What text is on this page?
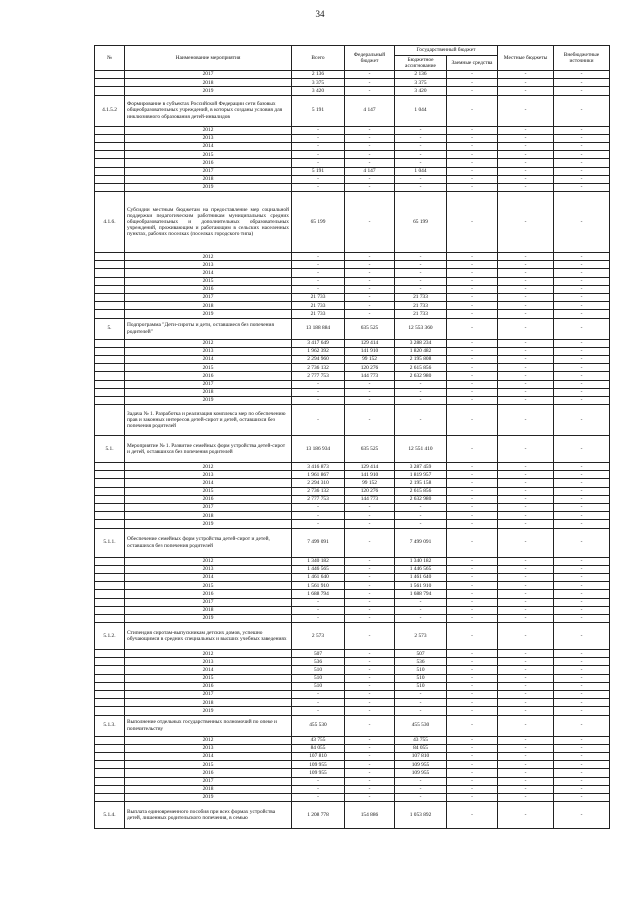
34
№	Наименование мероприятия	Всего	Федеральный бюджет	Государственный бюджет		Местные бюджеты	Внебюджетные источники
				Бюджетное ассигнование	Заемные средства		
	2017	2 136	-	2 136	-	-	-
	2018	3 375	-	3 375	-	-	-
	2019	3 420	-	3 420	-	-	-
4.1.5.2	Формирование в субъектах Российской Федерации сети базовых общеобразовательных учреждений, в которых созданы условия для инклюзивного образования детей-инвалидов	5 191	4 147	1 044	-	-	-
	2012	-	-	-	-	-	-
	2013	-	-	-	-	-	-
	2014	-	-	-	-	-	-
	2015	-	-	-	-	-	-
	2016	-	-	-	-	-	-
	2017	5 191	4 147	1 044	-	-	-
	2018	-	-	-	-	-	-
	2019	-	-	-	-	-	-
4.1.6.	Субсидии местным бюджетам на предоставление мер социальной поддержки педагогическим работникам муниципальных средних общеобразовательных и дополнительных образовательных учреждений, проживающим и работающим в сельских населенных пунктах, рабочих поселках (поселках городского типа)	65 199	-	65 199	-	-	-
	2012	-	-	-	-	-	-
	2013	-	-	-	-	-	-
	2014	-	-	-	-	-	-
	2015	-	-	-	-	-	-
	2016	-	-	-	-	-	-
	2017	21 733	-	21 733	-	-	-
	2018	21 733	-	21 733	-	-	-
	2019	21 733	-	21 733	-	-	-
5.	Подпрограмма "Дети-сироты и дети, оставшиеся без попечения родителей"	13 188 884	635 525	12 553 360	-	-	-
	2012	3 417 649	129 414	3 288 234	-	-	-
	2013	1 962 392	141 910	1 820 482	-	-	-
	2014	2 294 960	99 152	2 195 808	-	-	-
	2015	2 736 132	120 276	2 615 856	-	-	-
	2016	2 777 753	144 773	2 632 980	-	-	-
	2017	-	-	-	-	-	-
	2018	-	-	-	-	-	-
	2019	-	-	-	-	-	-
	Задача № 1. Разработка и реализация комплекса мер по обеспечению прав и законных интересов детей-сирот и детей, оставшихся без попечения родителей	-	-	-	-	-	-
5.1.	Мероприятие № 1. Развитие семейных форм устройства детей-сирот и детей, оставшихся без попечения родителей	13 186 934	635 525	12 551 410	-	-	-
	2012	3 416 873	129 414	3 287 459	-	-	-
	2013	1 961 867	141 910	1 819 957	-	-	-
	2014	2 294 310	99 152	2 195 158	-	-	-
	2015	2 736 132	120 276	2 615 856	-	-	-
	2016	2 777 753	144 773	2 632 980	-	-	-
	2017	-	-	-	-	-	-
	2018	-	-	-	-	-	-
	2019	-	-	-	-	-	-
5.1.1.	Обеспечение семейных форм устройства детей-сирот и детей, оставшихся без попечения родителей	7 499 091	-	7 499 091	-	-	-
	2012	1 340 182	-	1 340 182	-	-	-
	2013	1 446 565	-	1 446 565	-	-	-
	2014	1 461 640	-	1 461 640	-	-	-
	2015	1 561 910	-	1 561 910	-	-	-
	2016	1 688 794	-	1 688 794	-	-	-
	2017	-	-	-	-	-	-
	2018	-	-	-	-	-	-
	2019	-	-	-	-	-	-
5.1.2.	Стипендия сиротам-выпускникам детских домов, успешно обучающимся в средних специальных и высших учебных заведениях	2 573	-	2 573	-	-	-
	2012	507	-	507	-	-	-
	2013	536	-	536	-	-	-
	2014	510	-	510	-	-	-
	2015	510	-	510	-	-	-
	2016	510	-	510	-	-	-
	2017	-	-	-	-	-	-
	2018	-	-	-	-	-	-
	2019	-	-	-	-	-	-
5.1.3.	Выполнение отдельных государственных полномочий по опеке и попечительству	455 530	-	455 530	-	-	-
	2012	43 755	-	43 755	-	-	-
	2013	84 055	-	84 055	-	-	-
	2014	107 810	-	107 810	-	-	-
	2015	109 955	-	109 955	-	-	-
	2016	109 955	-	109 955	-	-	-
	2017	-	-	-	-	-	-
	2018	-	-	-	-	-	-
	2019	-	-	-	-	-	-
5.1.4.	Выплата единовременного пособия при всех формах устройства детей, лишенных родительского попечения, в семью	1 208 778	154 886	1 053 892	-	-	-
